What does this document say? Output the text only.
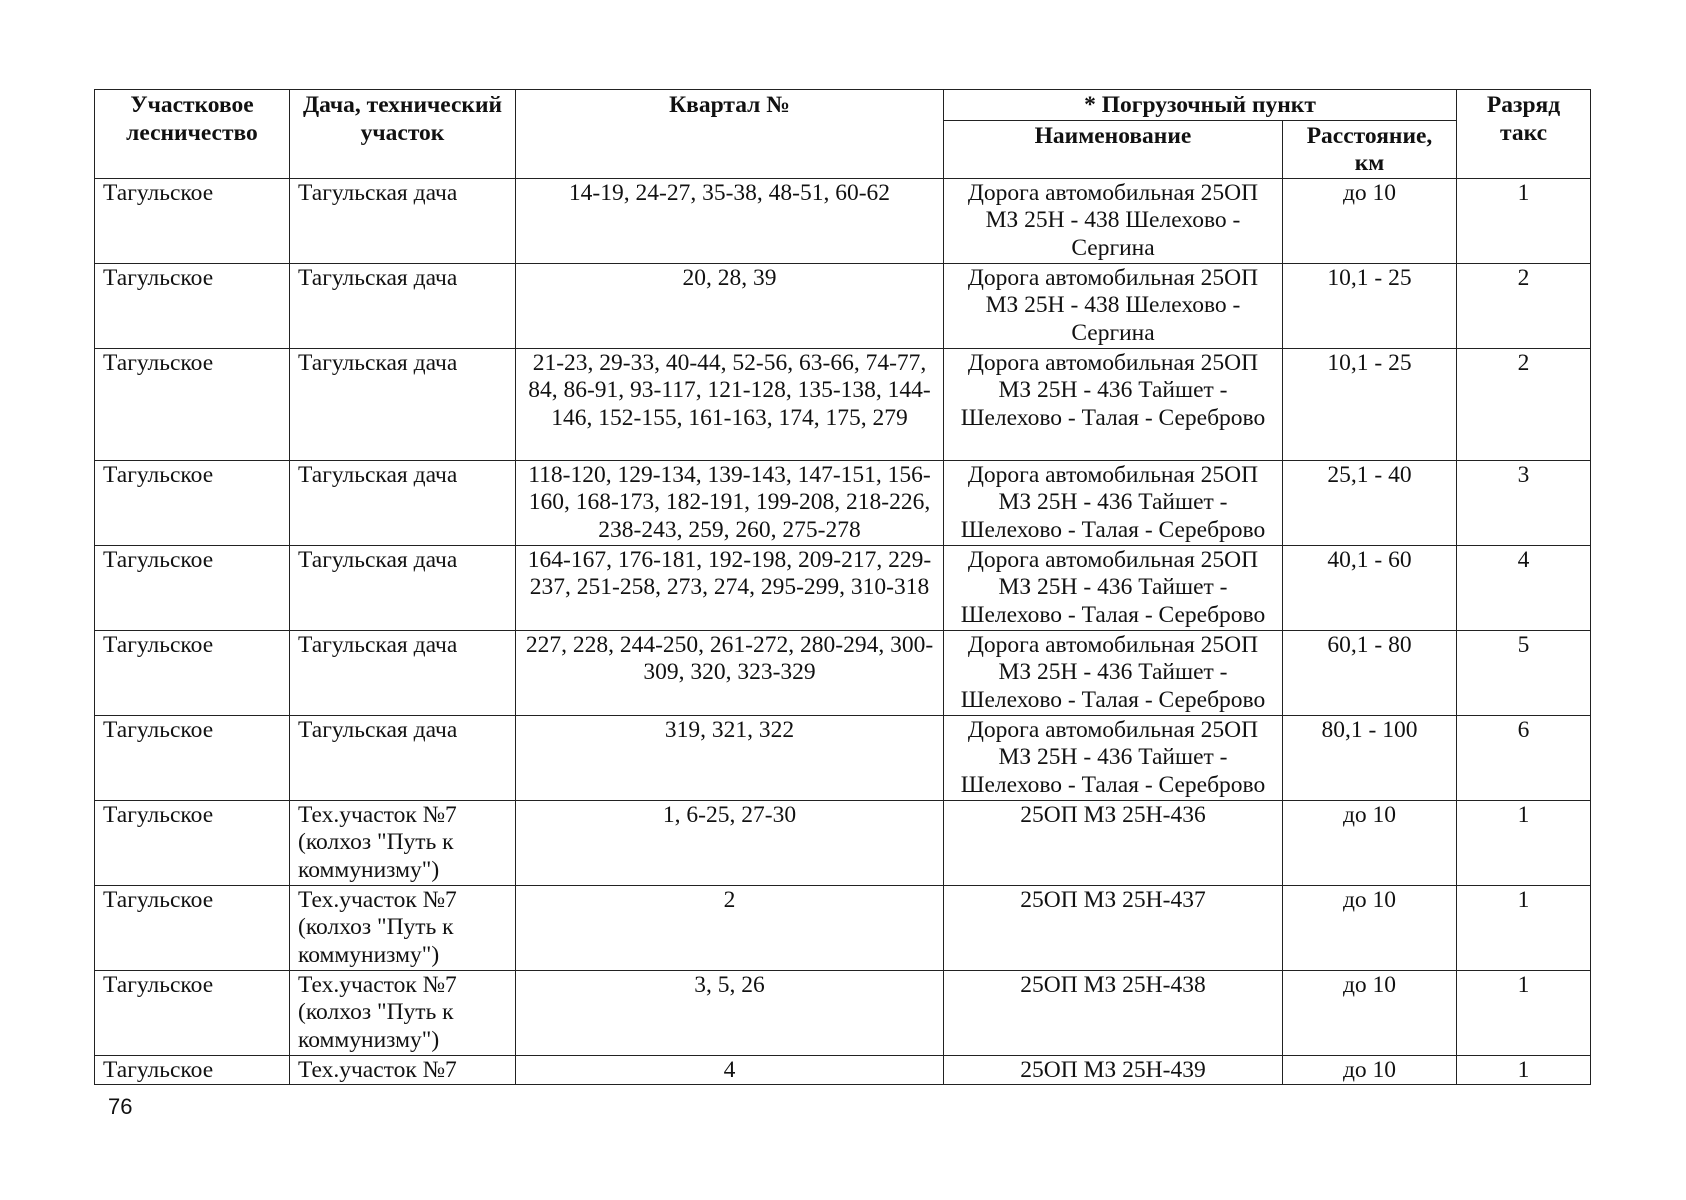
Участковое лесничество	Дача, технический участок	Квартал №	* Погрузочный пункт		Разряд такс
			Наименование	Расстояние, км	
Тагульское	Тагульская дача	14-19, 24-27, 35-38, 48-51, 60-62	Дорога автомобильная 25ОП МЗ 25Н - 438 Шелехово - Сергина	до 10	1
Тагульское	Тагульская дача	20, 28, 39	Дорога автомобильная 25ОП МЗ 25Н - 438 Шелехово - Сергина	10,1 - 25	2
Тагульское	Тагульская дача	21-23, 29-33, 40-44, 52-56, 63-66, 74-77, 84, 86-91, 93-117, 121-128, 135-138, 144-146, 152-155, 161-163, 174, 175, 279	Дорога автомобильная 25ОП МЗ 25Н - 436 Тайшет - Шелехово - Талая - Сереброво	10,1 - 25	2
Тагульское	Тагульская дача	118-120, 129-134, 139-143, 147-151, 156-160, 168-173, 182-191, 199-208, 218-226, 238-243, 259, 260, 275-278	Дорога автомобильная 25ОП МЗ 25Н - 436 Тайшет - Шелехово - Талая - Сереброво	25,1 - 40	3
Тагульское	Тагульская дача	164-167, 176-181, 192-198, 209-217, 229-237, 251-258, 273, 274, 295-299, 310-318	Дорога автомобильная 25ОП МЗ 25Н - 436 Тайшет - Шелехово - Талая - Сереброво	40,1 - 60	4
Тагульское	Тагульская дача	227, 228, 244-250, 261-272, 280-294, 300-309, 320, 323-329	Дорога автомобильная 25ОП МЗ 25Н - 436 Тайшет - Шелехово - Талая - Сереброво	60,1 - 80	5
Тагульское	Тагульская дача	319, 321, 322	Дорога автомобильная 25ОП МЗ 25Н - 436 Тайшет - Шелехово - Талая - Сереброво	80,1 - 100	6
Тагульское	Тех.участок №7 (колхоз "Путь к коммунизму")	1, 6-25, 27-30	25ОП МЗ 25Н-436	до 10	1
Тагульское	Тех.участок №7 (колхоз "Путь к коммунизму")	2	25ОП МЗ 25Н-437	до 10	1
Тагульское	Тех.участок №7 (колхоз "Путь к коммунизму")	3, 5, 26	25ОП МЗ 25Н-438	до 10	1
Тагульское	Тех.участок №7	4	25ОП МЗ 25Н-439	до 10	1
76
